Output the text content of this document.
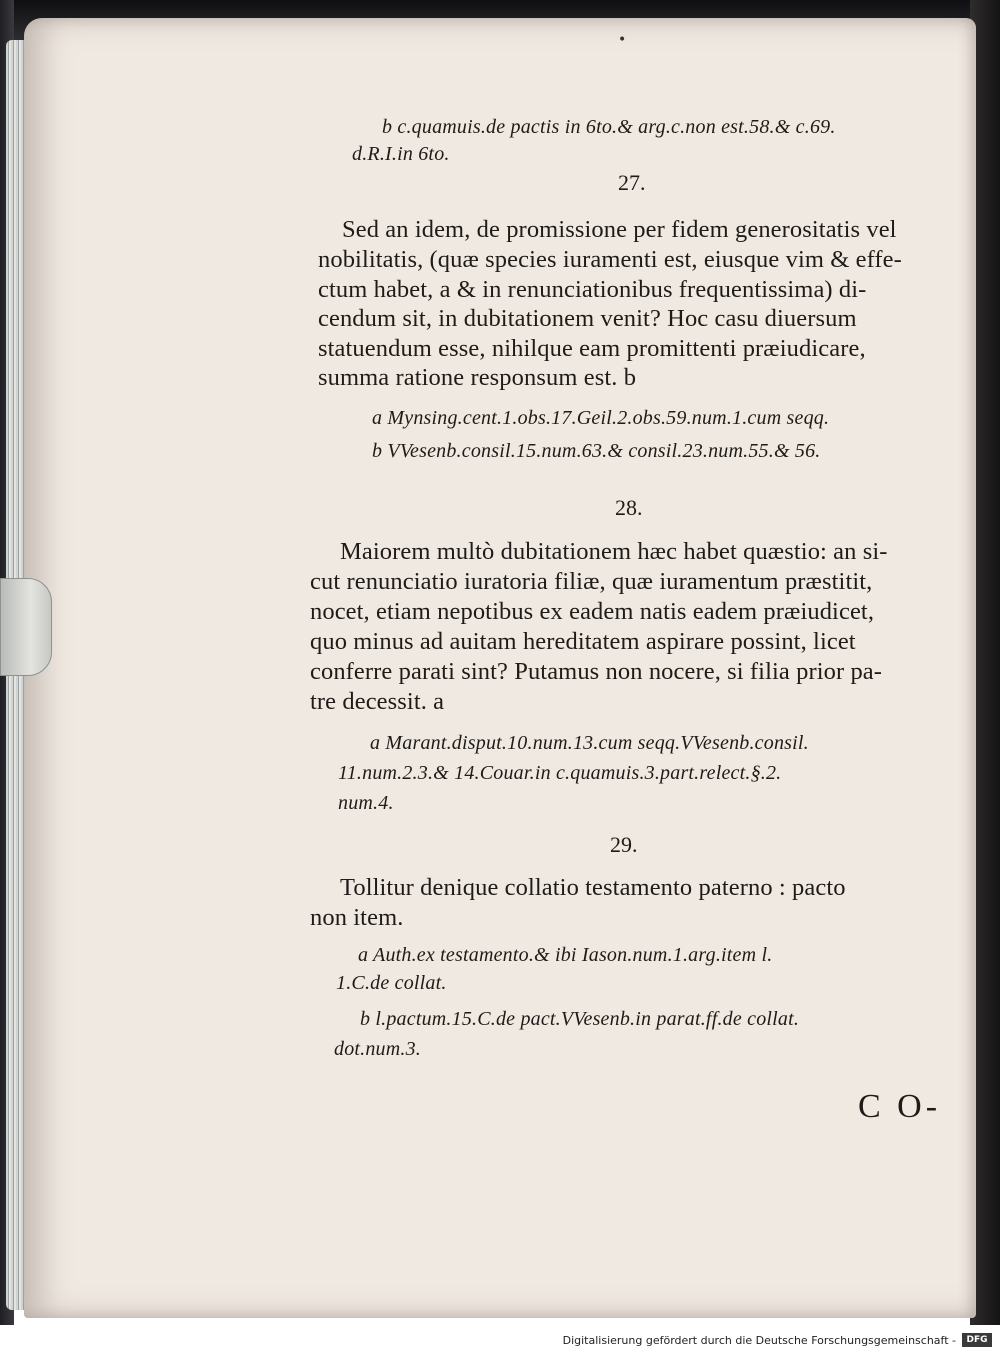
•
b c.quamuis.de pactis in 6to.& arg.c.non est.58.& c.69.
d.R.I.in 6to.
27.
Sed an idem, de promissione per fidem generositatis vel
nobilitatis, (quæ species iuramenti est, eiusque vim & effe-
ctum habet, a & in renunciationibus frequentissima) di-
cendum sit, in dubitationem venit? Hoc casu diuersum
statuendum esse, nihilque eam promittenti præiudicare,
summa ratione responsum est. b
a Mynsing.cent.1.obs.17.Geil.2.obs.59.num.1.cum seqq.
b VVesenb.consil.15.num.63.& consil.23.num.55.& 56.
28.
Maiorem multò dubitationem hæc habet quæstio: an si-
cut renunciatio iuratoria filiæ, quæ iuramentum præstitit,
nocet, etiam nepotibus ex eadem natis eadem præiudicet,
quo minus ad auitam hereditatem aspirare possint, licet
conferre parati sint? Putamus non nocere, si filia prior pa-
tre decessit. a
a Marant.disput.10.num.13.cum seqq.VVesenb.consil.
11.num.2.3.& 14.Couar.in c.quamuis.3.part.relect.§.2.
num.4.
29.
Tollitur denique collatio testamento paterno : pacto
non item.
a Auth.ex testamento.& ibi Iason.num.1.arg.item l.
1.C.de collat.
b l.pactum.15.C.de pact.VVesenb.in parat.ff.de collat.
dot.num.3.
C O-
Digitalisierung gefördert durch die Deutsche Forschungsgemeinschaft -	DFG
